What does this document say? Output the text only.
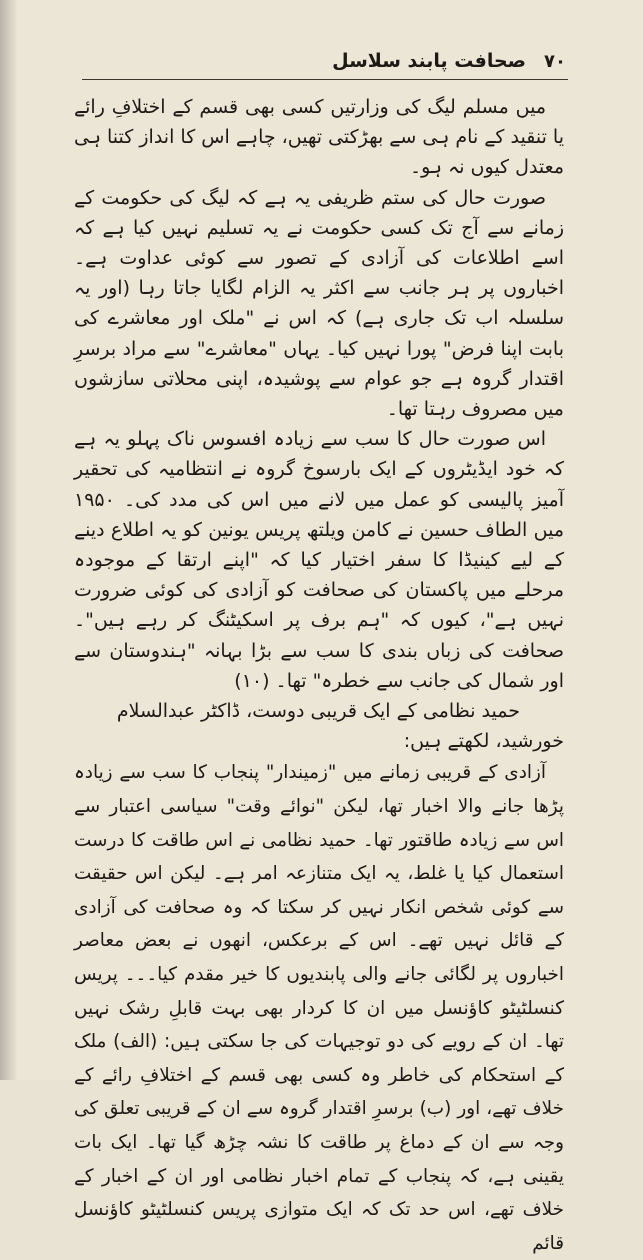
۷۰
صحافت پابند سلاسل

میں مسلم لیگ کی وزارتیں کسی بھی قسم کے اختلافِ رائے یا تنقید کے نام ہی سے بھڑکتی تھیں، چاہے اس کا انداز کتنا ہی معتدل کیوں نہ ہو۔

صورت حال کی ستم ظریفی یہ ہے کہ لیگ کی حکومت کے زمانے سے آج تک کسی حکومت نے یہ تسلیم نہیں کیا ہے کہ اسے اطلاعات کی آزادی کے تصور سے کوئی عداوت ہے۔ اخباروں پر ہر جانب سے اکثر یہ الزام لگایا جاتا رہا (اور یہ سلسلہ اب تک جاری ہے) کہ اس نے "ملک اور معاشرے کی بابت اپنا فرض" پورا نہیں کیا۔ یہاں "معاشرے" سے مراد برسرِ اقتدار گروہ ہے جو عوام سے پوشیدہ، اپنی محلاتی سازشوں میں مصروف رہتا تھا۔

اس صورت حال کا سب سے زیادہ افسوس ناک پہلو یہ ہے کہ خود ایڈیٹروں کے ایک بارسوخ گروہ نے انتظامیہ کی تحقیر آمیز پالیسی کو عمل میں لانے میں اس کی مدد کی۔ ۱۹۵۰ میں الطاف حسین نے کامن ویلتھ پریس یونین کو یہ اطلاع دینے کے لیے کینیڈا کا سفر اختیار کیا کہ "اپنے ارتقا کے موجودہ مرحلے میں پاکستان کی صحافت کو آزادی کی کوئی ضرورت نہیں ہے"، کیوں کہ "ہم برف پر اسکیٹنگ کر رہے ہیں"۔ صحافت کی زباں بندی کا سب سے بڑا بہانہ "ہندوستان سے اور شمال کی جانب سے خطرہ" تھا۔ (۱۰)

حمید نظامی کے ایک قریبی دوست، ڈاکٹر عبدالسلام خورشید، لکھتے ہیں:

آزادی کے قریبی زمانے میں "زمیندار" پنجاب کا سب سے زیادہ پڑھا جانے والا اخبار تھا، لیکن "نوائے وقت" سیاسی اعتبار سے اس سے زیادہ طاقتور تھا۔ حمید نظامی نے اس طاقت کا درست استعمال کیا یا غلط، یہ ایک متنازعہ امر ہے۔ لیکن اس حقیقت سے کوئی شخص انکار نہیں کر سکتا کہ وہ صحافت کی آزادی کے قائل نہیں تھے۔ اس کے برعکس، انھوں نے بعض معاصر اخباروں پر لگائی جانے والی پابندیوں کا خیر مقدم کیا۔۔۔ پریس کنسلٹیٹو کاؤنسل میں ان کا کردار بھی بہت قابلِ رشک نہیں تھا۔ ان کے رویے کی دو توجیہات کی جا سکتی ہیں: (الف) ملک کے استحکام کی خاطر وہ کسی بھی قسم کے اختلافِ رائے کے خلاف تھے، اور (ب) برسرِ اقتدار گروہ سے ان کے قریبی تعلق کی وجہ سے ان کے دماغ پر طاقت کا نشہ چڑھ گیا تھا۔ ایک بات یقینی ہے، کہ پنجاب کے تمام اخبار نظامی اور ان کے اخبار کے خلاف تھے، اس حد تک کہ ایک متوازی پریس کنسلٹیٹو کاؤنسل قائم
